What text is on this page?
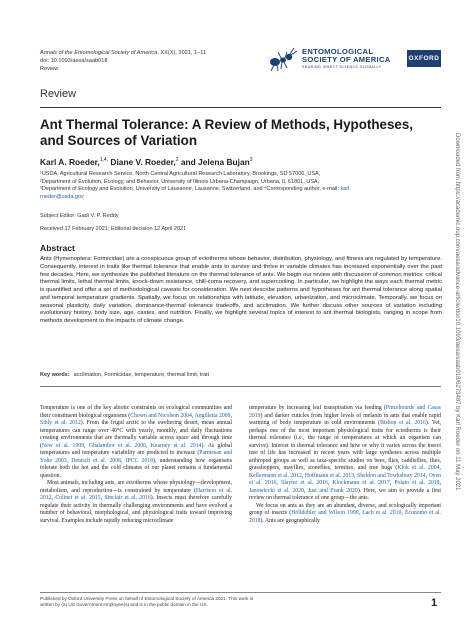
Annals of the Entomological Society of America, XX(X), 2021, 1–11
doi: 10.1093/aesa/saab018
Review
ENTOMOLOGICAL
SOCIETY OF AMERICA
SHARING INSECT SCIENCE GLOBALLY
OXFORD
Review
Ant Thermal Tolerance: A Review of Methods, Hypotheses, and Sources of Variation
Karl A. Roeder,$^{1,4,}$ Diane V. Roeder,$^2$ and Jelena Bujan$^3$

¹USDA, Agricultural Research Service, North Central Agricultural Research Laboratory, Brookings, SD 57006, USA,

²Department of Evolution, Ecology, and Behavior, University of Illinois Urbana-Champaign, Urbana, IL 61801, USA,

³Department of Ecology and Evolution, University of Lausanne, Lausanne, Switzerland, and ⁴Corresponding author, e-mail: karl.
roeder@usda.gov

Subject Editor: Gadi V. P. Reddy
Received 17 February 2021; Editorial decision 12 April 2021
Abstract

Ants (Hymenoptera: Formicidae) are a conspicuous group of ectotherms whose behavior, distribution, physiology, and fitness are regulated by temperature. Consequently, interest in traits like thermal tolerance that enable ants to survive and thrive in variable climates has increased exponentially over the past few decades. Here, we synthesize the published literature on the thermal tolerance of ants. We begin our review with discussion of common metrics: critical thermal limits, lethal thermal limits, knock-down resistance, chill-coma recovery, and supercooling. In particular, we highlight the ways each thermal metric is quantified and offer a set of methodological caveats for consideration. We next describe patterns and hypotheses for ant thermal tolerance along spatial and temporal temperature gradients. Spatially, we focus on relationships with latitude, elevation, urbanization, and microclimate. Temporally, we focus on seasonal plasticity, daily variation, dominance-thermal tolerance tradeoffs, and acclimation. We further discuss other sources of variation including evolutionary history, body size, age, castes, and nutrition. Finally, we highlight several topics of interest to ant thermal biologists, ranging in scope from methods development to the impacts of climate change.

Key words: acclimation, Formicidae, temperature, thermal limit, trait

Temperature is one of the key abiotic constraints on ecological communities and their constituent biological organisms (Chown and Nicolson 2004, Angilletta 2009, Sibly et al. 2012). From the frigid arctic to the sweltering desert, mean annual temperatures can range over 40°C with yearly, monthly, and daily fluctuations creating environments that are thermally variable across space and through time (New et al. 1999, Ghalambor et al. 2006, Kearney et al. 2014). As global temperatures and temperature variability are predicted to increase (Parmesan and Yohe 2003, Deutsch et al. 2008, IPCC 2018), understanding how organisms tolerate both the hot and the cold climates of our planet remains a fundamental question.

Most animals, including ants, are ectotherms whose physiology—development, metabolism, and reproduction—is constrained by temperature (Harrison et al. 2012, Colinet et al. 2015, Sinclair et al. 2016). Insects must therefore carefully regulate their activity in thermally challenging environments and have evolved a number of behavioral, morphological, and physiological traits toward improving survival. Examples include rapidly reducing microclimate

temperature by increasing leaf transpiration via feeding (Pincebourde and Casas 2019) and darker cuticles from higher levels of melanin in ants that enable rapid warming of body temperature in cold environments (Bishop et al. 2016). Yet, perhaps one of the most important physiological traits for ectotherms is their thermal tolerance (i.e., the range of temperatures at which an organism can survive). Interest in thermal tolerance and how or why it varies across the insect tree of life has increased in recent years with large syntheses across multiple arthropod groups as well as taxa-specific studies on bees, flies, caddisflies, flies, grasshoppers, mayflies, stoneflies, termites, and true bugs (Klok et al. 2004, Kellermann et al. 2012, Hoffmann et al. 2013, Sheldon and Tewksbury 2014, Oyen et al. 2016, Slayter et al. 2016, Klockmann et al. 2017, Polato et al. 2018, Janowiecki et al. 2020, Just and Frank 2020). Here, we aim to provide a first review on thermal tolerance of one group—the ants.

We focus on ants as they are an abundant, diverse, and ecologically important group of insects (Hölldobler and Wilson 1990, Lach et al. 2010, Economo et al. 2018). Ants are geographically

Published by Oxford University Press on behalf of Entomological Society of America 2021. This work is
written by (a) US Government employee(s) and is in the public domain in the US.	1
Downloaded from https://academic.oup.com/aesa/advance-article/doi/10.1093/aesa/saab018/6273487 by Karl Roeder on 11 May 2021
